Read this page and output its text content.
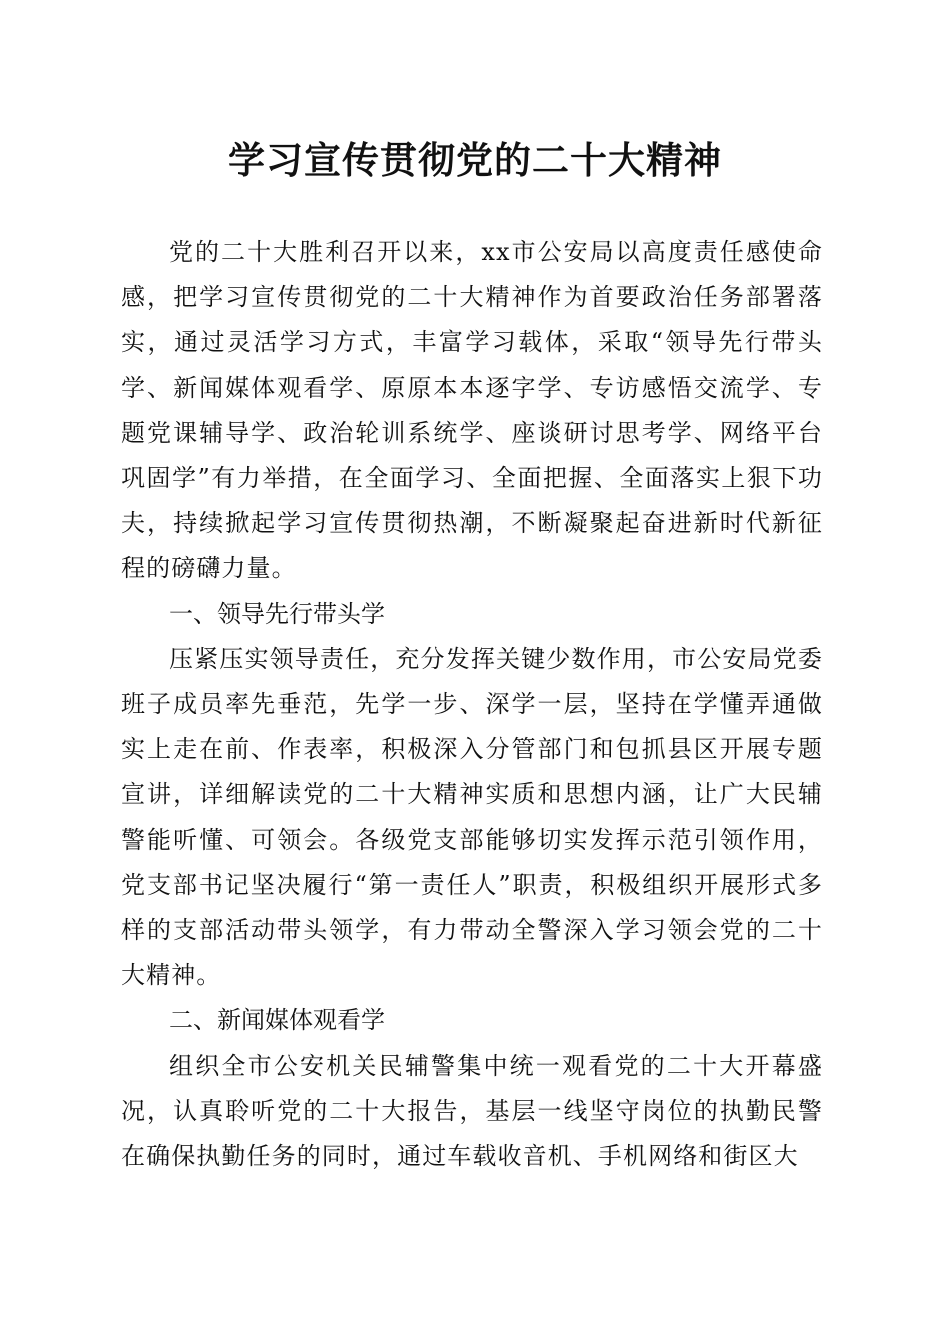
学习宣传贯彻党的二十大精神

党的二十大胜利召开以来，xx市公安局以高度责任感使命感，把学习宣传贯彻党的二十大精神作为首要政治任务部署落实，通过灵活学习方式，丰富学习载体，采取“领导先行带头学、新闻媒体观看学、原原本本逐字学、专访感悟交流学、专题党课辅导学、政治轮训系统学、座谈研讨思考学、网络平台巩固学”有力举措，在全面学习、全面把握、全面落实上狠下功夫，持续掀起学习宣传贯彻热潮，不断凝聚起奋进新时代新征程的磅礴力量。

一、领导先行带头学

压紧压实领导责任，充分发挥关键少数作用，市公安局党委班子成员率先垂范，先学一步、深学一层，坚持在学懂弄通做实上走在前、作表率，积极深入分管部门和包抓县区开展专题宣讲，详细解读党的二十大精神实质和思想内涵，让广大民辅警能听懂、可领会。各级党支部能够切实发挥示范引领作用，党支部书记坚决履行“第一责任人”职责，积极组织开展形式多样的支部活动带头领学，有力带动全警深入学习领会党的二十大精神。

二、新闻媒体观看学

组织全市公安机关民辅警集中统一观看党的二十大开幕盛况，认真聆听党的二十大报告，基层一线坚守岗位的执勤民警在确保执勤任务的同时，通过车载收音机、手机网络和街区大
